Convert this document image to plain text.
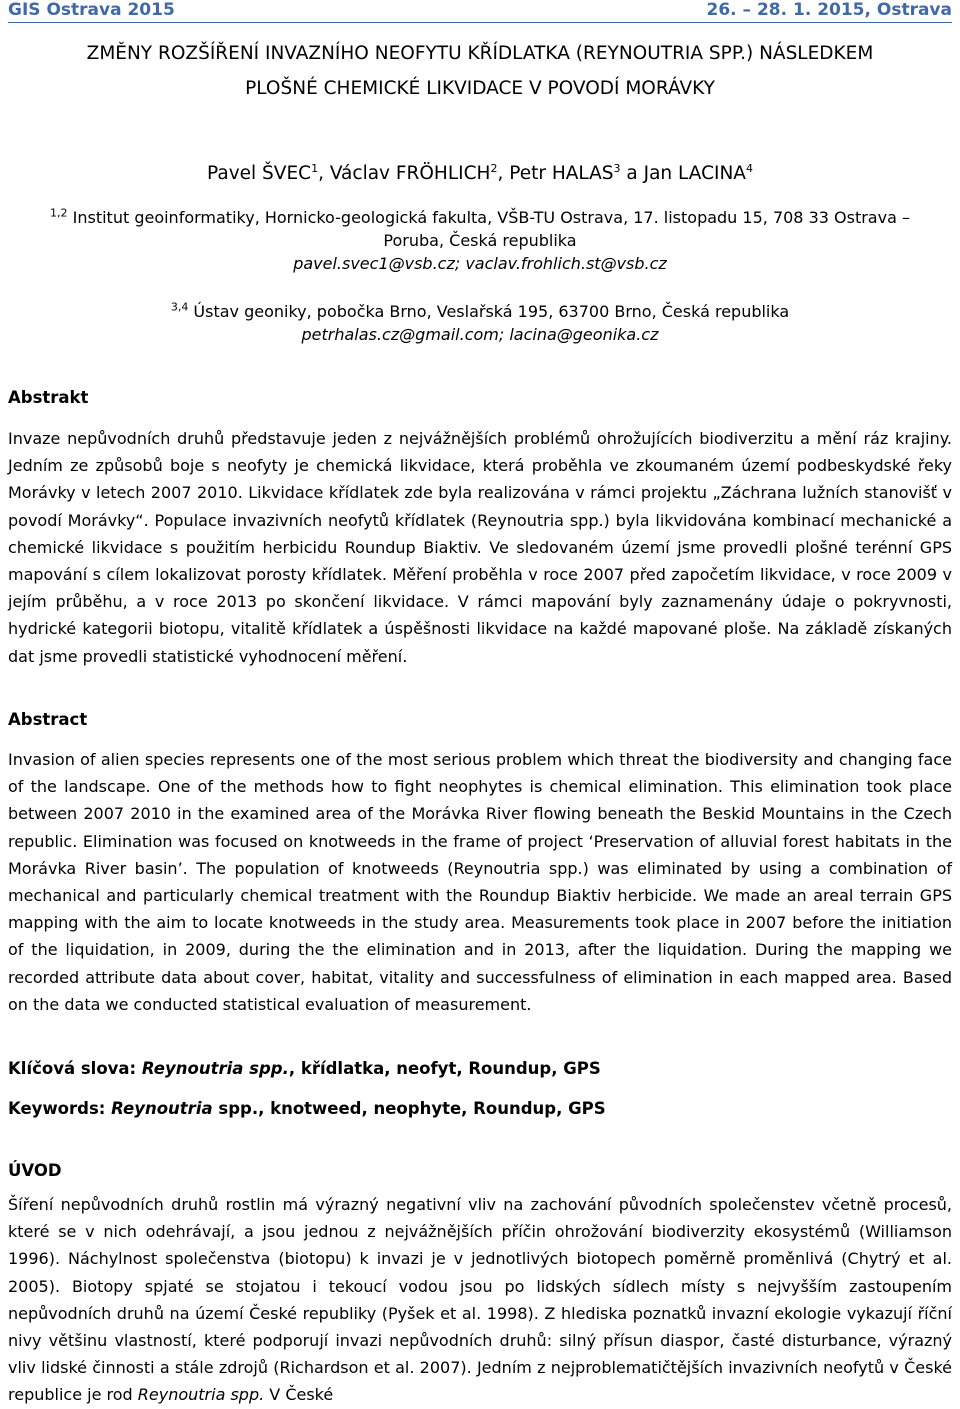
GIS Ostrava 2015	26. – 28. 1. 2015, Ostrava
ZMĚNY ROZŠÍŘENÍ INVAZNÍHO NEOFYTU KŘÍDLATKA (REYNOUTRIA SPP.) NÁSLEDKEM
PLOŠNÉ CHEMICKÉ LIKVIDACE V POVODÍ MORÁVKY
Pavel ŠVEC$^1$, Václav FRÖHLICH$^2$, Petr HALAS$^3$ a Jan LACINA$^4$
$^{1,2}$ Institut geoinformatiky, Hornicko-geologická fakulta, VŠB-TU Ostrava, 17. listopadu 15, 708 33 Ostrava –
Poruba, Česká republika
pavel.svec1@vsb.cz; vaclav.frohlich.st@vsb.cz
$^{3,4}$ Ústav geoniky, pobočka Brno, Veslařská 195, 63700 Brno, Česká republika
petrhalas.cz@gmail.com; lacina@geonika.cz
Abstrakt

Invaze nepůvodních druhů představuje jeden z nejvážnějších problémů ohrožujících biodiverzitu a mění ráz krajiny. Jedním ze způsobů boje s neofyty je chemická likvidace, která proběhla ve zkoumaném území podbeskydské řeky Morávky v letech 2007 2010. Likvidace křídlatek zde byla realizována v rámci projektu „Záchrana lužních stanovišť v povodí Morávky“. Populace invazivních neofytů křídlatek (Reynoutria spp.) byla likvidována kombinací mechanické a chemické likvidace s použitím herbicidu Roundup Biaktiv. Ve sledovaném území jsme provedli plošné terénní GPS mapování s cílem lokalizovat porosty křídlatek. Měření proběhla v roce 2007 před započetím likvidace, v roce 2009 v jejím průběhu, a v roce 2013 po skončení likvidace. V rámci mapování byly zaznamenány údaje o pokryvnosti, hydrické kategorii biotopu, vitalitě křídlatek a úspěšnosti likvidace na každé mapované ploše. Na základě získaných dat jsme provedli statistické vyhodnocení měření.

Abstract

Invasion of alien species represents one of the most serious problem which threat the biodiversity and changing face of the landscape. One of the methods how to fight neophytes is chemical elimination. This elimination took place between 2007 2010 in the examined area of the Morávka River flowing beneath the Beskid Mountains in the Czech republic. Elimination was focused on knotweeds in the frame of project ‘Preservation of alluvial forest habitats in the Morávka River basin’. The population of knotweeds (Reynoutria spp.) was eliminated by using a combination of mechanical and particularly chemical treatment with the Roundup Biaktiv herbicide. We made an areal terrain GPS mapping with the aim to locate knotweeds in the study area. Measurements took place in 2007 before the initiation of the liquidation, in 2009, during the the elimination and in 2013, after the liquidation. During the mapping we recorded attribute data about cover, habitat, vitality and successfulness of elimination in each mapped area. Based on the data we conducted statistical evaluation of measurement.

Klíčová slova: Reynoutria spp., křídlatka, neofyt, Roundup, GPS
Keywords: Reynoutria spp., knotweed, neophyte, Roundup, GPS
ÚVOD

Šíření nepůvodních druhů rostlin má výrazný negativní vliv na zachování původních společenstev včetně procesů, které se v nich odehrávají, a jsou jednou z nejvážnějších příčin ohrožování biodiverzity ekosystémů (Williamson 1996). Náchylnost společenstva (biotopu) k invazi je v jednotlivých biotopech poměrně proměnlivá (Chytrý et al. 2005). Biotopy spjaté se stojatou i tekoucí vodou jsou po lidských sídlech místy s nejvyšším zastoupením nepůvodních druhů na území České republiky (Pyšek et al. 1998). Z hlediska poznatků invazní ekologie vykazují říční nivy většinu vlastností, které podporují invazi nepůvodních druhů: silný přísun diaspor, časté disturbance, výrazný vliv lidské činnosti a stále zdrojů (Richardson et al. 2007). Jedním z nejproblematičtějších invazivních neofytů v České republice je rod Reynoutria spp. V České
